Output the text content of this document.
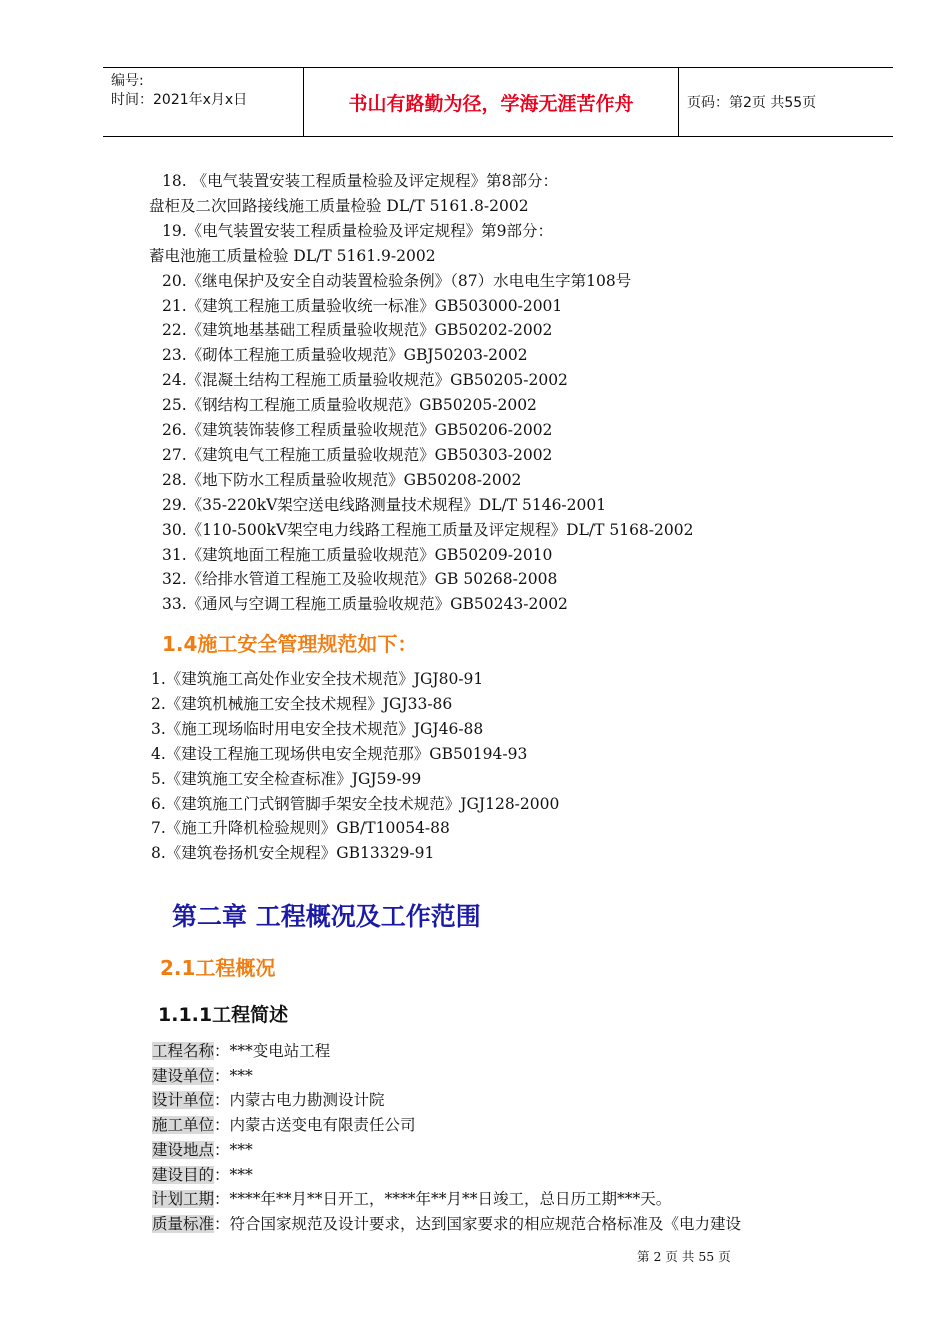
编号:
时间：2021年x月x日	书山有路勤为径，学海无涯苦作舟	页码：第2页 共55页
18. 《电气装置安装工程质量检验及评定规程》第8部分：
盘柜及二次回路接线施工质量检验 DL/T 5161.8-2002
19.《电气装置安装工程质量检验及评定规程》第9部分：
蓄电池施工质量检验 DL/T 5161.9-2002
20.《继电保护及安全自动装置检验条例》（87）水电电生字第108号
21.《建筑工程施工质量验收统一标准》GB503000-2001
22.《建筑地基基础工程质量验收规范》GB50202-2002
23.《砌体工程施工质量验收规范》GBJ50203-2002
24.《混凝土结构工程施工质量验收规范》GB50205-2002
25.《钢结构工程施工质量验收规范》GB50205-2002
26.《建筑装饰装修工程质量验收规范》GB50206-2002
27.《建筑电气工程施工质量验收规范》GB50303-2002
28.《地下防水工程质量验收规范》GB50208-2002
29.《35-220kV架空送电线路测量技术规程》DL/T 5146-2001
30.《110-500kV架空电力线路工程施工质量及评定规程》DL/T 5168-2002
31.《建筑地面工程施工质量验收规范》GB50209-2010
32.《给排水管道工程施工及验收规范》GB 50268-2008
33.《通风与空调工程施工质量验收规范》GB50243-2002
1.4施工安全管理规范如下：
1.《建筑施工高处作业安全技术规范》JGJ80-91
2.《建筑机械施工安全技术规程》JGJ33-86
3.《施工现场临时用电安全技术规范》JGJ46-88
4.《建设工程施工现场供电安全规范那》GB50194-93
5.《建筑施工安全检查标准》JGJ59-99
6.《建筑施工门式钢管脚手架安全技术规范》JGJ128-2000
7.《施工升降机检验规则》GB/T10054-88
8.《建筑卷扬机安全规程》GB13329-91
第二章 工程概况及工作范围
2.1工程概况
1.1.1工程简述
工程名称：***变电站工程
建设单位：***
设计单位：内蒙古电力勘测设计院
施工单位：内蒙古送变电有限责任公司
建设地点：***
建设目的：***
计划工期：****年**月**日开工，****年**月**日竣工，总日历工期***天。
质量标准：符合国家规范及设计要求，达到国家要求的相应规范合格标准及《电力建设
第 2 页 共 55 页
